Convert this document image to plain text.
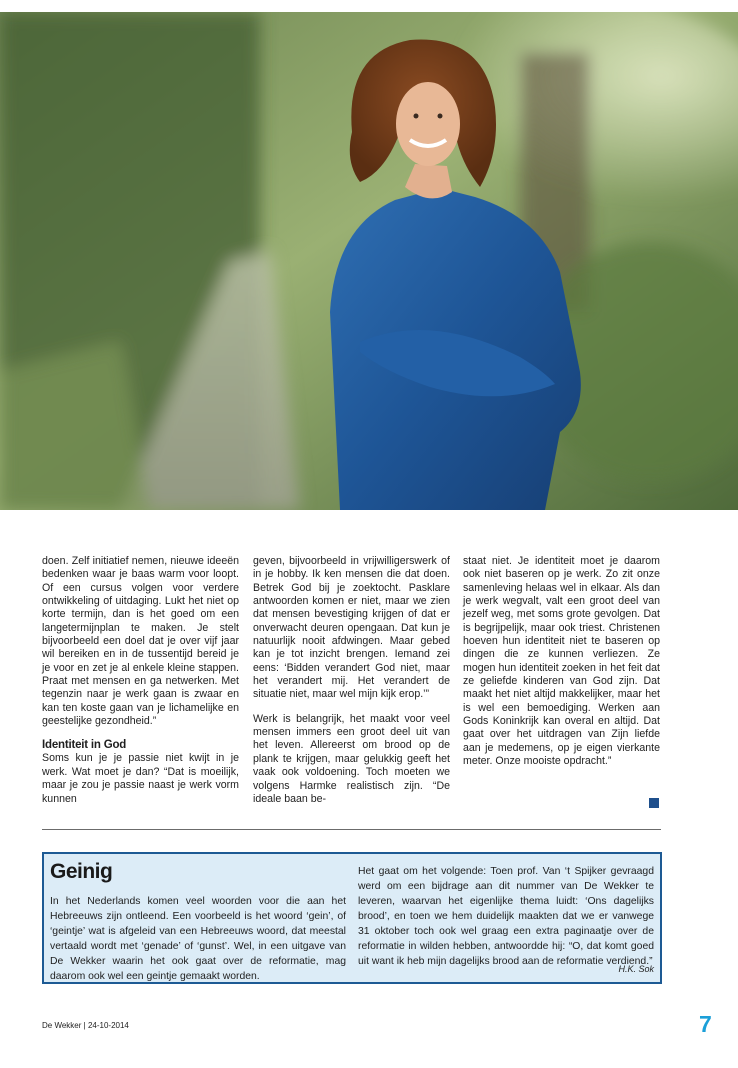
doen. Zelf initiatief nemen, nieuwe ideeën bedenken waar je baas warm voor loopt. Of een cursus volgen voor verdere ontwikkeling of uitdaging. Lukt het niet op korte termijn, dan is het goed om een langetermijnplan te maken. Je stelt bijvoorbeeld een doel dat je over vijf jaar wil bereiken en in de tussentijd bereid je je voor en zet je al enkele kleine stappen. Praat met mensen en ga netwerken. Met tegenzin naar je werk gaan is zwaar en kan ten koste gaan van je lichamelijke en geestelijke gezondheid.”

Identiteit in God

Soms kun je je passie niet kwijt in je werk. Wat moet je dan? “Dat is moeilijk, maar je zou je passie naast je werk vorm kunnen

geven, bijvoorbeeld in vrijwilligerswerk of in je hobby. Ik ken mensen die dat doen. Betrek God bij je zoektocht. Pasklare antwoorden komen er niet, maar we zien dat mensen bevestiging krijgen of dat er onverwacht deuren opengaan. Dat kun je natuurlijk nooit afdwingen. Maar gebed kan je tot inzicht brengen. Iemand zei eens: ‘Bidden verandert God niet, maar het verandert mij. Het verandert de situatie niet, maar wel mijn kijk erop.’”

Werk is belangrijk, het maakt voor veel mensen immers een groot deel uit van het leven. Allereerst om brood op de plank te krijgen, maar gelukkig geeft het vaak ook voldoening. Toch moeten we volgens Harmke realistisch zijn. “De ideale baan be-

staat niet. Je identiteit moet je daarom ook niet baseren op je werk. Zo zit onze samenleving helaas wel in elkaar. Als dan je werk wegvalt, valt een groot deel van jezelf weg, met soms grote gevolgen. Dat is begrijpelijk, maar ook triest. Christenen hoeven hun identiteit niet te baseren op dingen die ze kunnen verliezen. Ze mogen hun identiteit zoeken in het feit dat ze geliefde kinderen van God zijn. Dat maakt het niet altijd makkelijker, maar het is wel een bemoediging. Werken aan Gods Koninkrijk kan overal en altijd. Dat gaat over het uitdragen van Zijn liefde aan je medemens, op je eigen vierkante meter. Onze mooiste opdracht.”

Geinig
In het Nederlands komen veel woorden voor die aan het Hebreeuws zijn ontleend. Een voorbeeld is het woord ‘gein’, of ‘geintje’ wat is afgeleid van een Hebreeuws woord, dat meestal vertaald wordt met ‘genade’ of ‘gunst’. Wel, in een uitgave van De Wekker waarin het ook gaat over de reformatie, mag daarom ook wel een geintje gemaakt worden.
Het gaat om het volgende: Toen prof. Van ‘t Spijker gevraagd werd om een bijdrage aan dit nummer van De Wekker te leveren, waarvan het eigenlijke thema luidt: ‘Ons dagelijks brood’, en toen we hem duidelijk maakten dat we er vanwege 31 oktober toch ook wel graag een extra paginaatje over de reformatie in wilden hebben, antwoordde hij: “O, dat komt goed uit want ik heb mijn dagelijks brood aan de reformatie verdiend.”
H.K. Sok
De Wekker | 24-10-2014	7
